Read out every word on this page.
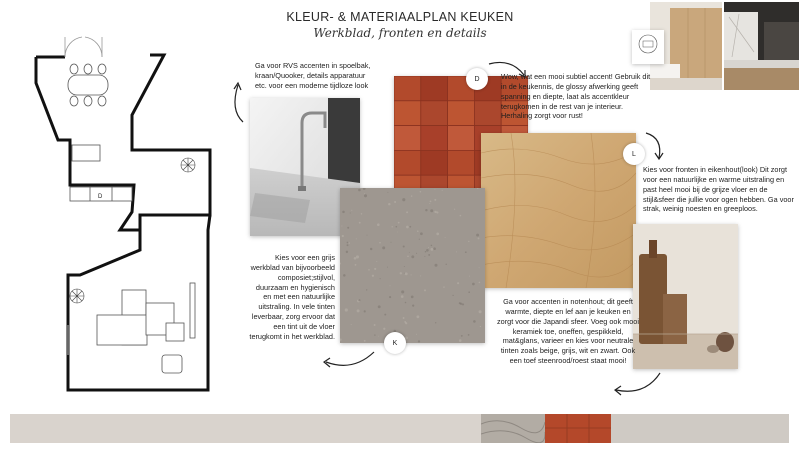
KLEUR- & MATERIAALPLAN KEUKEN
Werkblad, fronten en details
D
Ga voor RVS accenten in spoelbak, kraan/Quooker, details apparatuur etc. voor een moderne tijdloze look
Wow, wat een mooi subtiel accent! Gebruik dit in de keukennis, de glossy afwerking geeft spanning en diepte, laat als accentkleur terugkomen in de rest van je interieur. Herhaling zorgt voor rust!
Kies voor fronten in eikenhout(look) Dit zorgt voor een natuurlijke en warme uitstraling en past heel mooi bij de grijze vloer en de stijl&sfeer die jullie voor ogen hebben. Ga voor strak, weinig noesten en greeploos.
Kies voor een grijs werkblad van bijvoorbeeld composiet;stijlvol, duurzaam en hygienisch en met een natuurlijke uitstraling. In vele tinten leverbaar, zorg ervoor dat een tint uit de vloer terugkomt in het werkblad.
Ga voor accenten in notenhout; dit geeft warmte, diepte en lef aan je keuken en zorgt voor die Japandi sfeer. Voeg ook mooi keramiek toe, oneffen, gespikkeld, mat&glans, varieer en kies voor neutrale tinten zoals beige, grijs, wit en zwart. Ook een toef steenrood/roest staat mooi!
D
L
K
